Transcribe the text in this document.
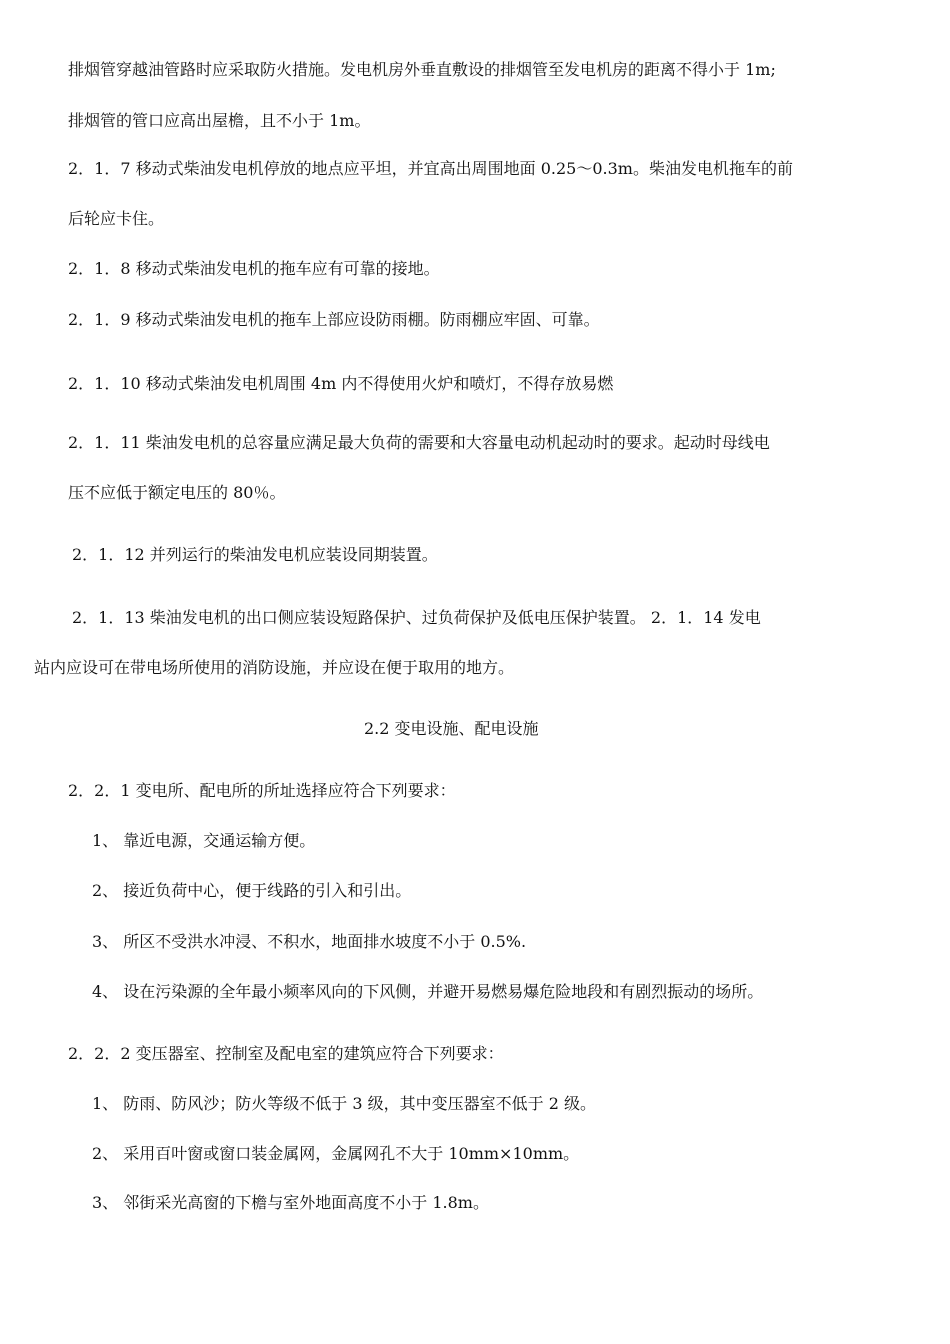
排烟管穿越油管路时应采取防火措施。发电机房外垂直敷设的排烟管至发电机房的距离不得小于 1m;
排烟管的管口应高出屋檐，且不小于 1m。
2．1．7 移动式柴油发电机停放的地点应平坦，并宜高出周围地面 0.25～0.3m。柴油发电机拖车的前
后轮应卡住。
2．1．8 移动式柴油发电机的拖车应有可靠的接地。
2．1．9 移动式柴油发电机的拖车上部应设防雨棚。防雨棚应牢固、可靠。
2．1．10 移动式柴油发电机周围 4m 内不得使用火炉和喷灯，不得存放易燃
2．1．11 柴油发电机的总容量应满足最大负荷的需要和大容量电动机起动时的要求。起动时母线电
压不应低于额定电压的 80％。
2．1．12 并列运行的柴油发电机应装设同期装置。
2．1．13 柴油发电机的出口侧应装设短路保护、过负荷保护及低电压保护装置。 2．1．14 发电
站内应设可在带电场所使用的消防设施，并应设在便于取用的地方。
2.2 变电设施、配电设施
2．2．1 变电所、配电所的所址选择应符合下列要求：
1、 靠近电源，交通运输方便。
2、 接近负荷中心，便于线路的引入和引出。
3、 所区不受洪水冲浸、不积水，地面排水坡度不小于 0.5%.
4、 设在污染源的全年最小频率风向的下风侧，并避开易燃易爆危险地段和有剧烈振动的场所。
2．2．2 变压器室、控制室及配电室的建筑应符合下列要求：
1、 防雨、防风沙；防火等级不低于 3 级，其中变压器室不低于 2 级。
2、 采用百叶窗或窗口装金属网，金属网孔不大于 10mm×10mm。
3、 邻街采光高窗的下檐与室外地面高度不小于 1.8m。
